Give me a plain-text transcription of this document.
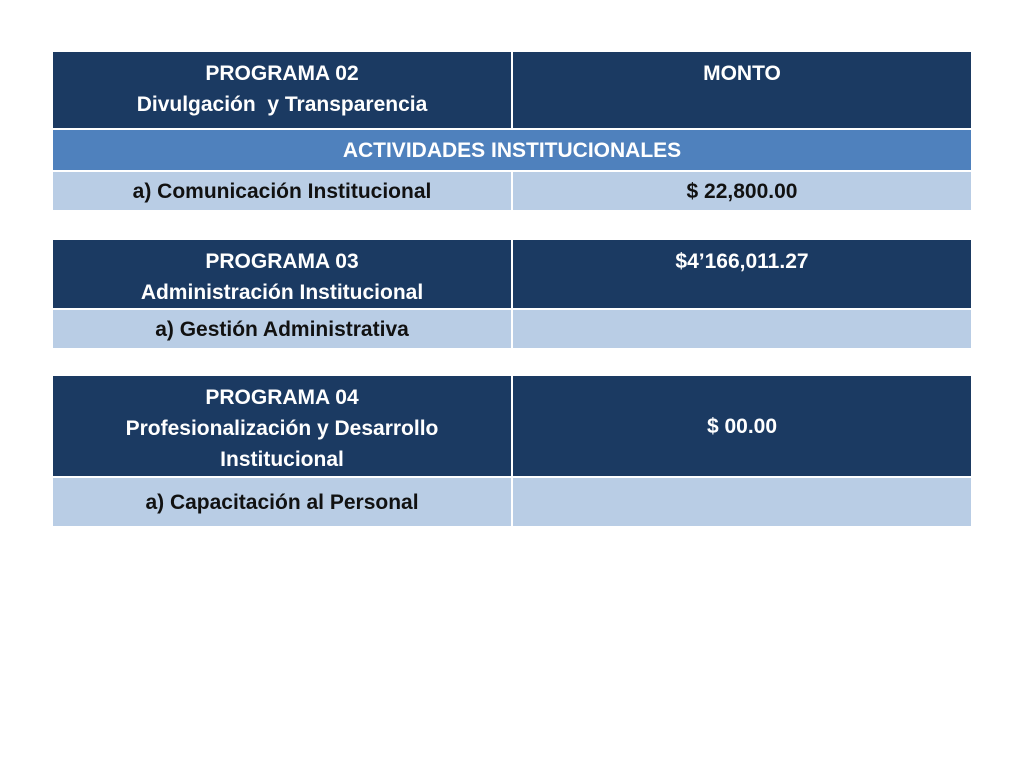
PROGRAMA 02
Divulgación  y Transparencia	MONTO

ACTIVIDADES INSTITUCIONALES	
a) Comunicación Institucional	$ 22,800.00
PROGRAMA 03
Administración Institucional	$4’166,011.27

a) Gestión Administrativa	
PROGRAMA 04
Profesionalización y Desarrollo
Institucional	$ 00.00

a) Capacitación al Personal	
